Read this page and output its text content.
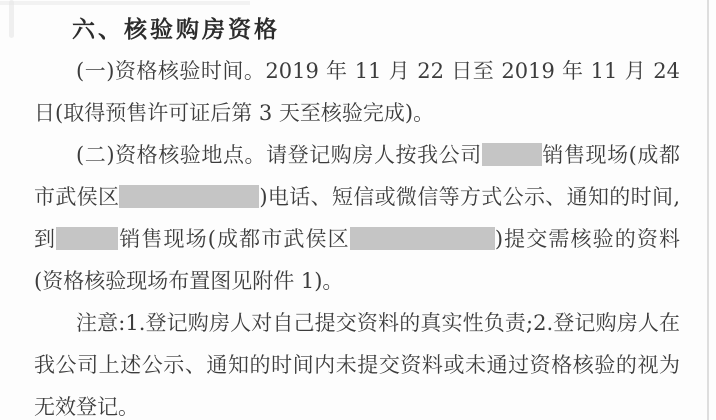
六、核验购房资格

(一)资格核验时间。2019 年 11 月 22 日至 2019 年 11 月 24 日(取得预售许可证后第 3 天至核验完成)。

(二)资格核验地点。请登记购房人按我公司	销售现场(成都市武侯区	)电话、短信或微信等方式公示、通知的时间,到	销售现场(成都市武侯区	)提交需核验的资料(资格核验现场布置图见附件 1)。

注意:1.登记购房人对自己提交资料的真实性负责;2.登记购房人在我公司上述公示、通知的时间内未提交资料或未通过资格核验的视为无效登记。
